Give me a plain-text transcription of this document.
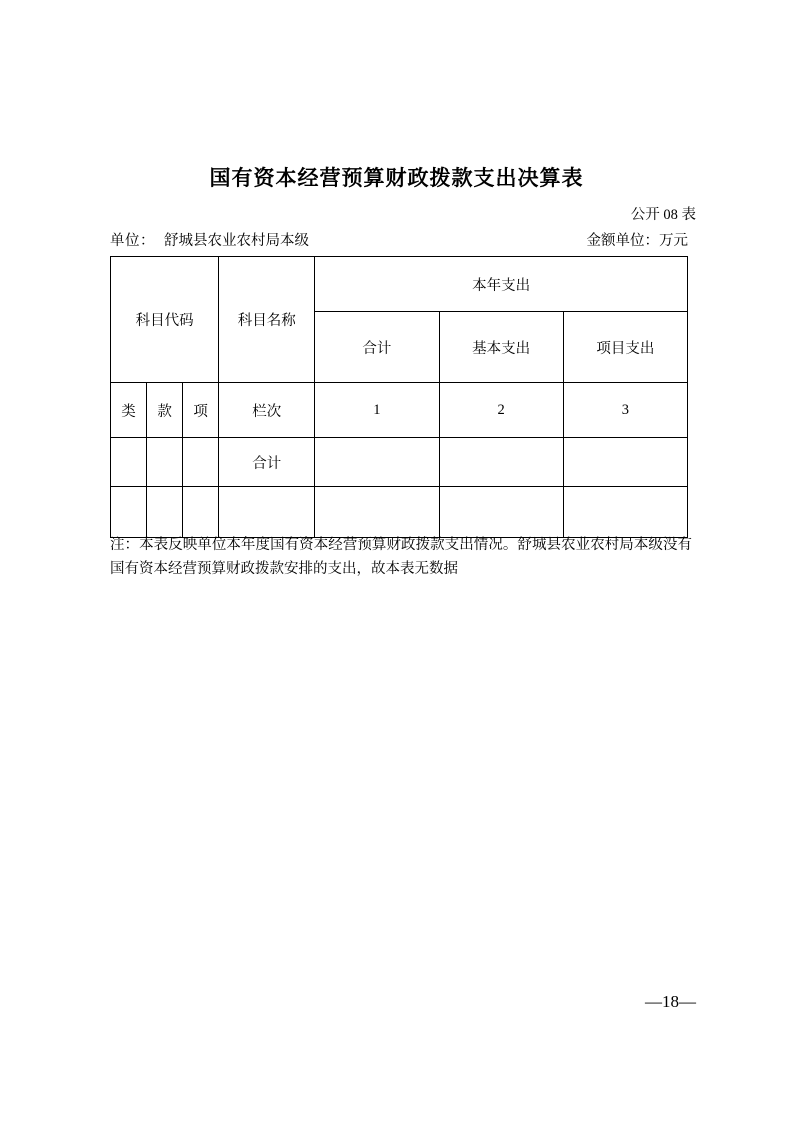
国有资本经营预算财政拨款支出决算表
公开 08 表
单位： 舒城县农业农村局本级	金额单位：万元
科目代码			科目名称	本年支出		
				合计	基本支出	项目支出
类	款	项	栏次	1	2	3
			合计			

注：本表反映单位本年度国有资本经营预算财政拨款支出情况。舒城县农业农村局本级没有国有资本经营预算财政拨款安排的支出，故本表无数据
—18—
